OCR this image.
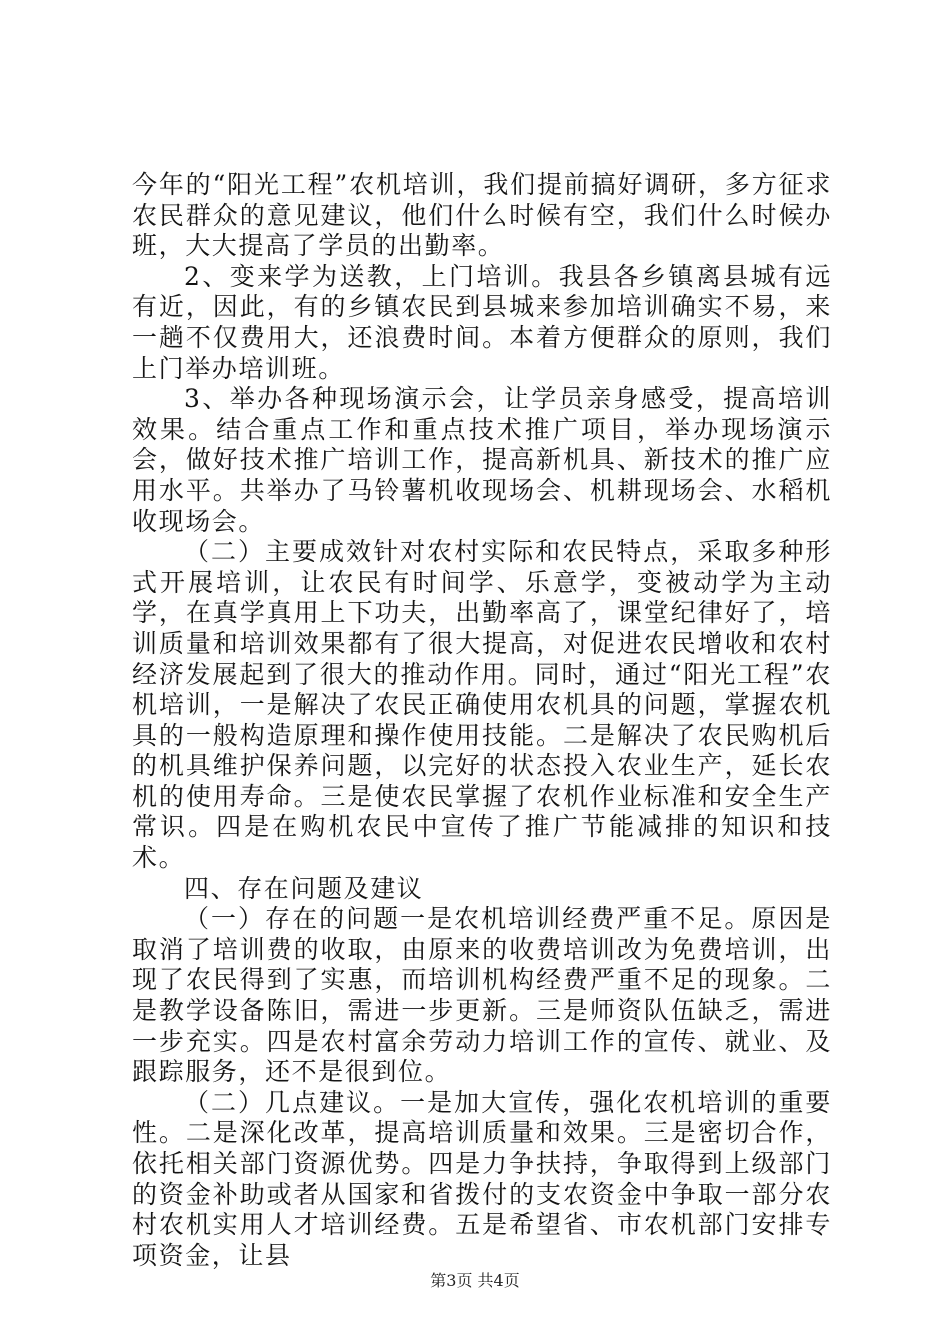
今年的“阳光工程”农机培训，我们提前搞好调研，多方征求农民群众的意见建议，他们什么时候有空，我们什么时候办班，大大提高了学员的出勤率。

2、变来学为送教，上门培训。我县各乡镇离县城有远有近，因此，有的乡镇农民到县城来参加培训确实不易，来一趟不仅费用大，还浪费时间。本着方便群众的原则，我们上门举办培训班。

3、举办各种现场演示会，让学员亲身感受，提高培训效果。结合重点工作和重点技术推广项目，举办现场演示会，做好技术推广培训工作，提高新机具、新技术的推广应用水平。共举办了马铃薯机收现场会、机耕现场会、水稻机收现场会。

（二）主要成效针对农村实际和农民特点，采取多种形式开展培训，让农民有时间学、乐意学，变被动学为主动学，在真学真用上下功夫，出勤率高了，课堂纪律好了，培训质量和培训效果都有了很大提高，对促进农民增收和农村经济发展起到了很大的推动作用。同时，通过“阳光工程”农机培训，一是解决了农民正确使用农机具的问题，掌握农机具的一般构造原理和操作使用技能。二是解决了农民购机后的机具维护保养问题，以完好的状态投入农业生产，延长农机的使用寿命。三是使农民掌握了农机作业标准和安全生产常识。四是在购机农民中宣传了推广节能减排的知识和技术。

四、存在问题及建议

（一）存在的问题一是农机培训经费严重不足。原因是取消了培训费的收取，由原来的收费培训改为免费培训，出现了农民得到了实惠，而培训机构经费严重不足的现象。二是教学设备陈旧，需进一步更新。三是师资队伍缺乏，需进一步充实。四是农村富余劳动力培训工作的宣传、就业、及跟踪服务，还不是很到位。

（二）几点建议。一是加大宣传，强化农机培训的重要性。二是深化改革，提高培训质量和效果。三是密切合作，依托相关部门资源优势。四是力争扶持，争取得到上级部门的资金补助或者从国家和省拨付的支农资金中争取一部分农村农机实用人才培训经费。五是希望省、市农机部门安排专项资金，让县

第3页 共4页
